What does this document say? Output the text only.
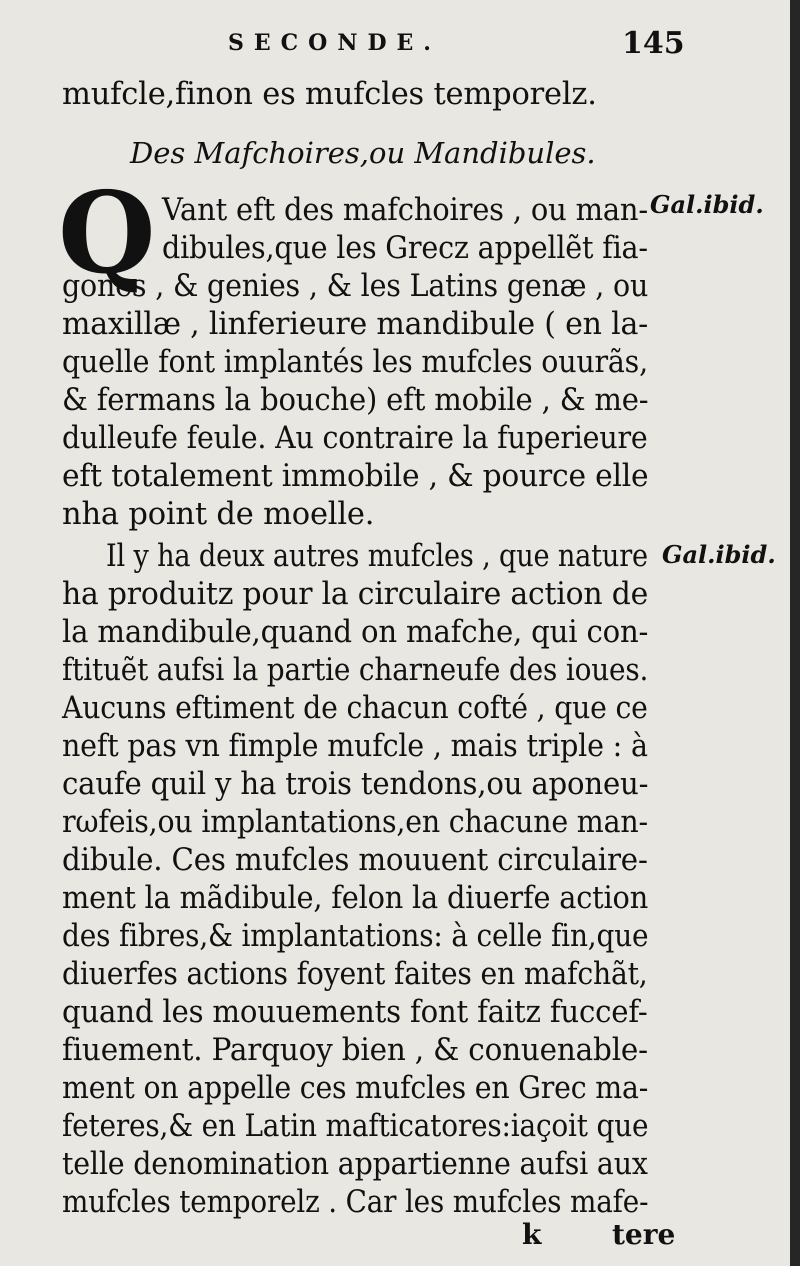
SECONDE.	145
mufcle,finon es mufcles temporelz.
Des Mafchoires,ou Mandibules.
Q Vant eft des mafchoires , ou man-
dibules,que les Grecz appellẽt fia-
gones , & genies , & les Latins genæ , ou
maxillæ , linferieure mandibule ( en la-
quelle font implantés les mufcles ouurãs,
& fermans la bouche) eft mobile , & me-
dulleufe feule. Au contraire la fuperieure
eft totalement immobile , & pource elle
nha point de moelle.
Il y ha deux autres mufcles , que nature
ha produitz pour la circulaire action de
la mandibule,quand on mafche, qui con-
ftituẽt aufsi la partie charneufe des ioues.
Aucuns eftiment de chacun cofté , que ce
neft pas vn fimple mufcle , mais triple : à
caufe quil y ha trois tendons,ou aponeu-
rωfeis,ou implantations,en chacune man-
dibule. Ces mufcles mouuent circulaire-
ment la mãdibule, felon la diuerfe action
des fibres,& implantations: à celle fin,que
diuerfes actions foyent faites en mafchãt,
quand les mouuements font faitz fuccef-
fiuement. Parquoy bien , & conuenable-
ment on appelle ces mufcles en Grec ma-
feteres,& en Latin mafticatores:iaçoit que
telle denomination appartienne aufsi aux
mufcles temporelz . Car les mufcles mafe-
Gal.ibid.
Gal.ibid.
k	tere
